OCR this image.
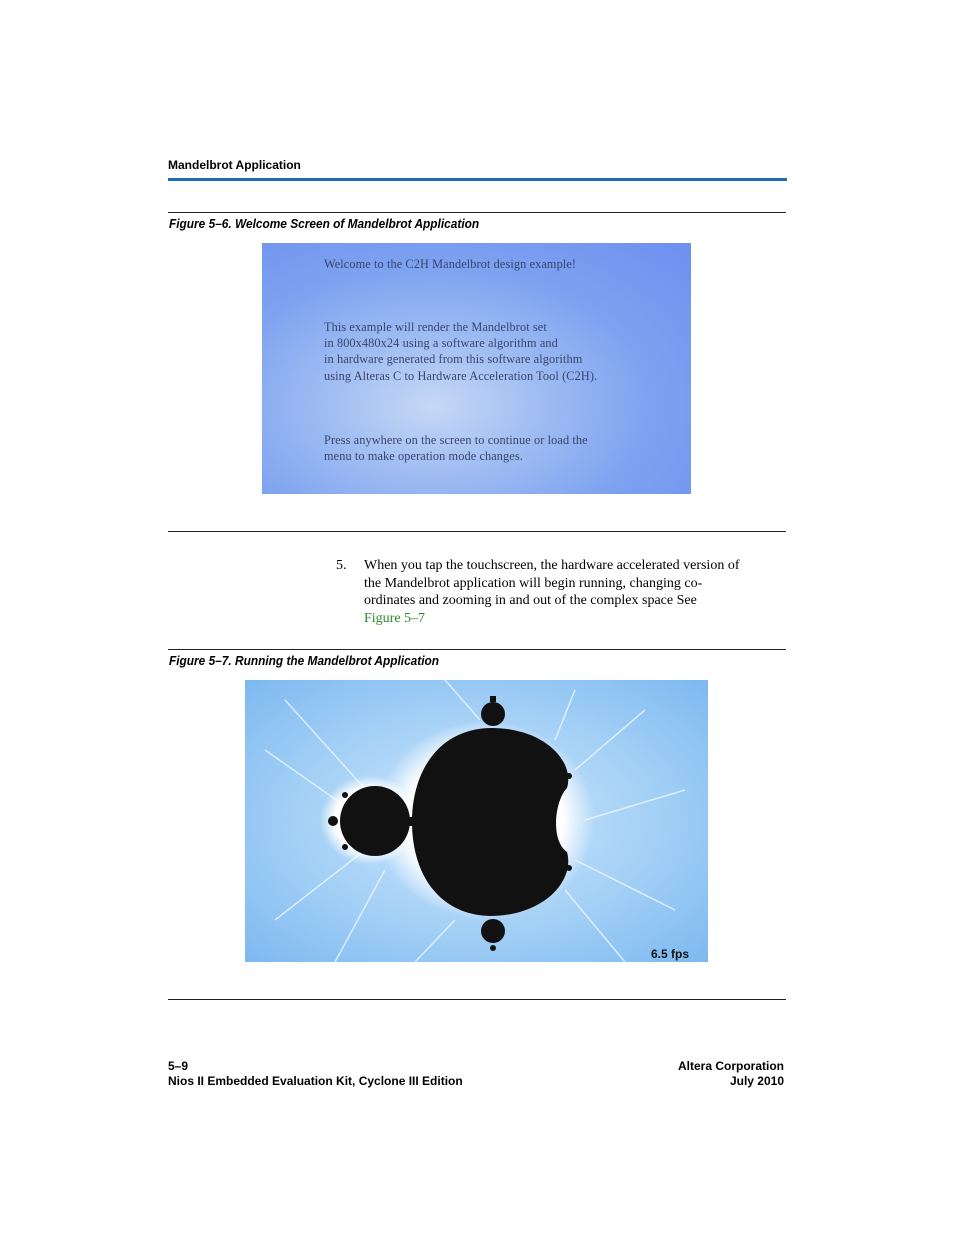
Mandelbrot Application
Figure 5–6. Welcome Screen of Mandelbrot Application
Welcome to the C2H Mandelbrot design example!
This example will render the Mandelbrot set
in 800x480x24 using a software algorithm and
in hardware generated from this software algorithm
using Alteras C to Hardware Acceleration Tool (C2H).
Press anywhere on the screen to continue or load the
menu to make operation mode changes.
5. When you tap the touchscreen, the hardware accelerated version of
the Mandelbrot application will begin running, changing co-
ordinates and zooming in and out of the complex space See
Figure 5–7
Figure 5–7. Running the Mandelbrot Application
6.5 fps
5–9
Nios II Embedded Evaluation Kit, Cyclone III Edition
Altera Corporation
July 2010
